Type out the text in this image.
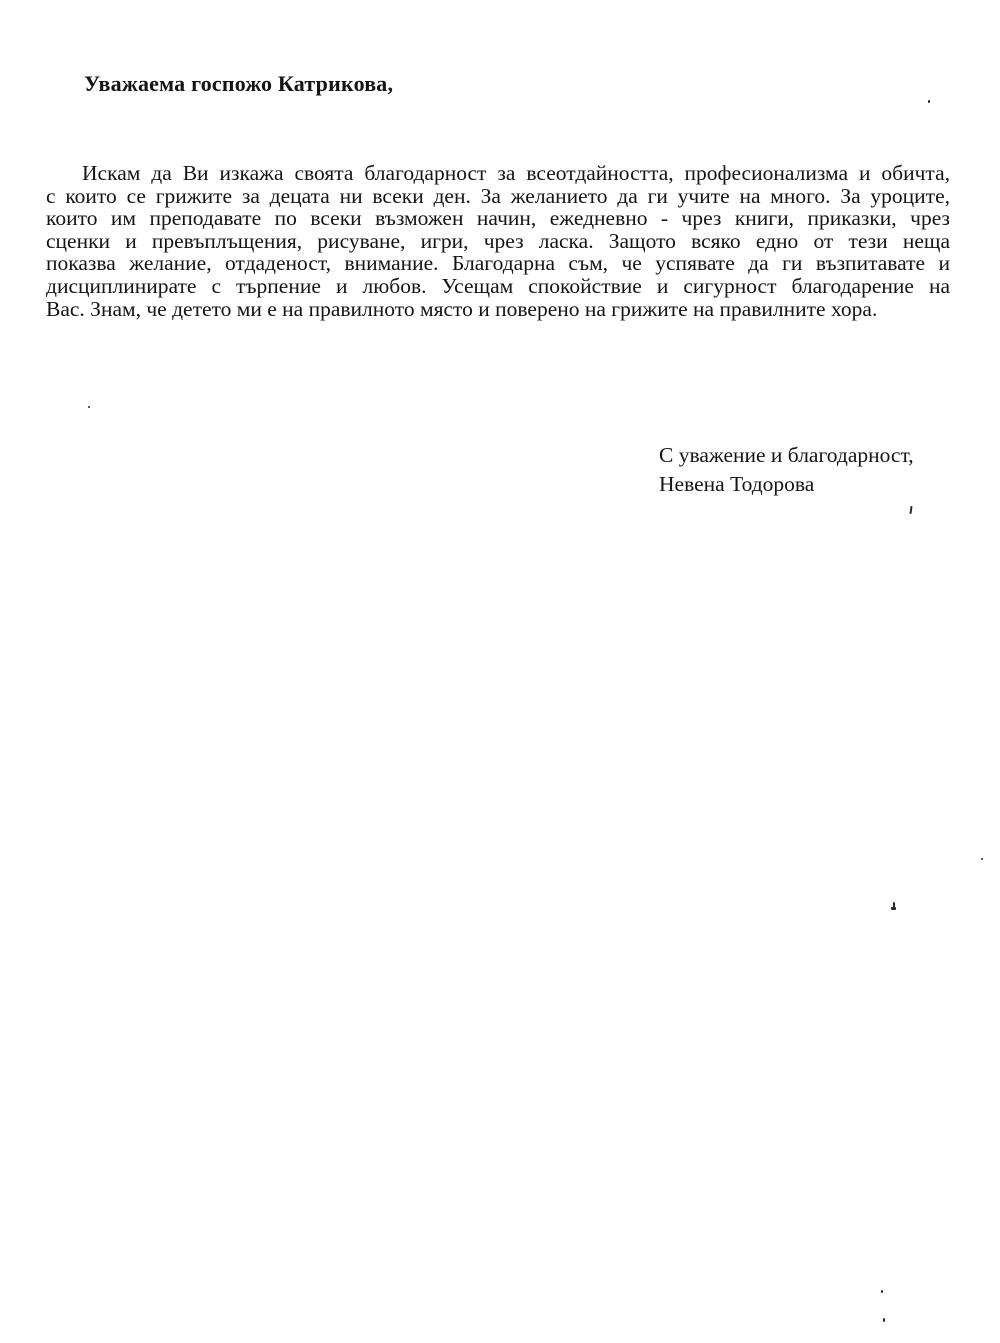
Уважаема госпожо Катрикова,
Искам да Ви изкажа своята благодарност за всеотдайността, професионализма и обичта,
с които се грижите за децата ни всеки ден. За желанието да ги учите на много. За уроците,
които им преподавате по всеки възможен начин, ежедневно - чрез книги, приказки, чрез
сценки и превъплъщения, рисуване, игри, чрез ласка. Защото всяко едно от тези неща
показва желание, отдаденост, внимание. Благодарна съм, че успявате да ги възпитавате и
дисциплинирате с търпение и любов. Усещам спокойствие и сигурност благодарение на
Вас. Знам, че детето ми е на правилното място и поверено на грижите на правилните хора.
С уважение и благодарност,
Невена Тодорова
